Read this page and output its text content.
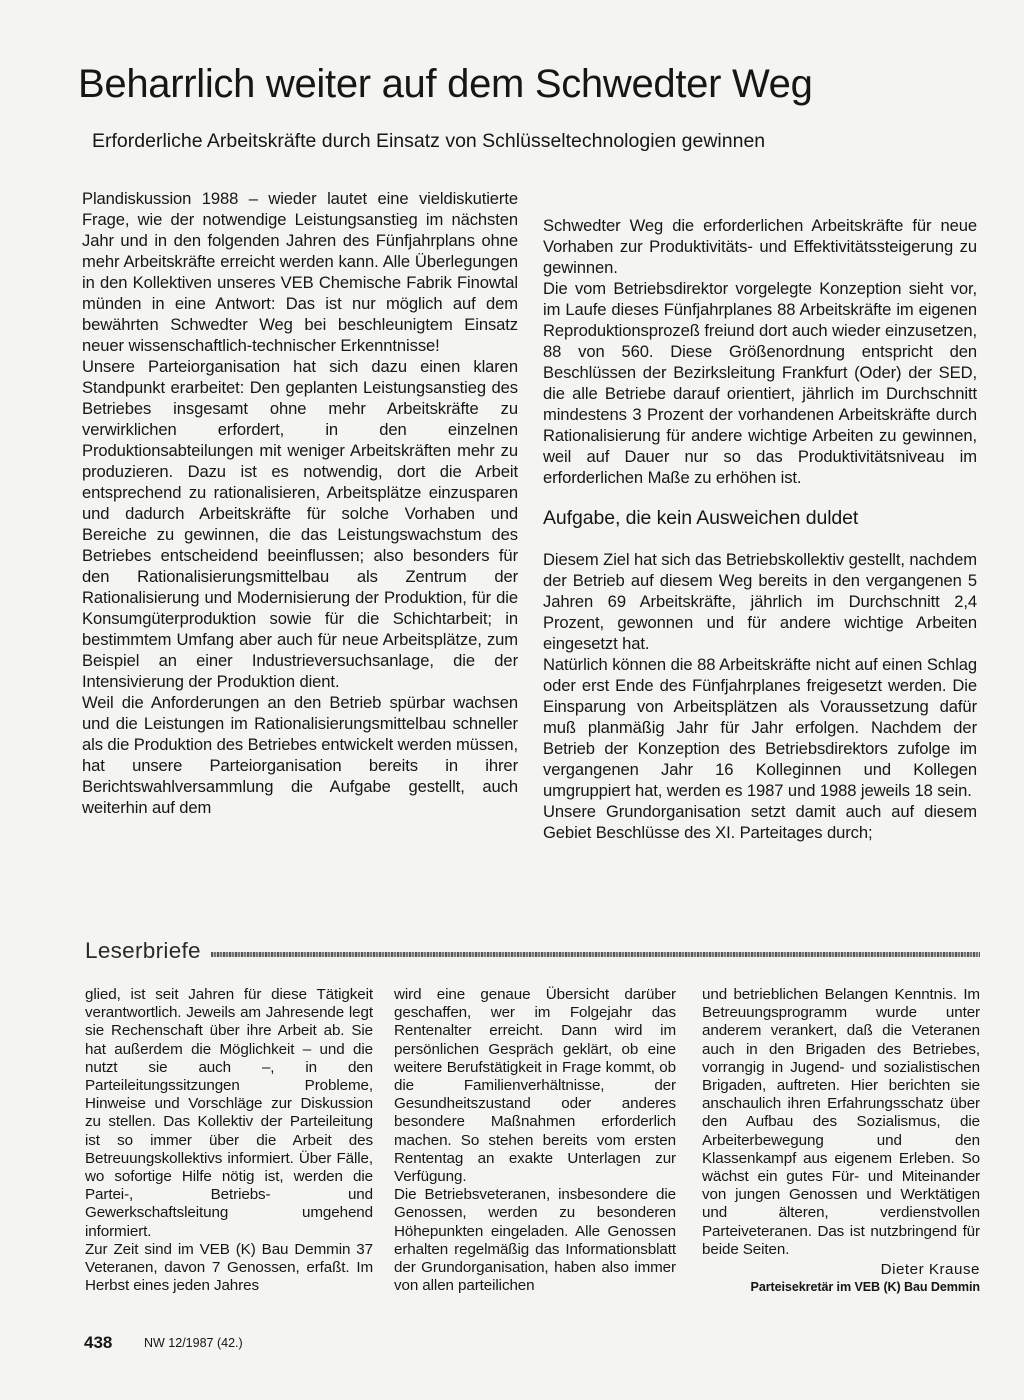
Beharrlich weiter auf dem Schwedter Weg
Erforderliche Arbeitskräfte durch Einsatz von Schlüsseltechnologien gewinnen

Plandiskussion 1988 – wieder lautet eine vieldiskutierte Frage, wie der notwendige Leistungsanstieg im nächsten Jahr und in den folgenden Jahren des Fünfjahrplans ohne mehr Arbeitskräfte erreicht werden kann. Alle Überlegungen in den Kollektiven unseres VEB Chemische Fabrik Finowtal münden in eine Antwort: Das ist nur möglich auf dem bewährten Schwedter Weg bei beschleunigtem Einsatz neuer wissenschaftlich-technischer Erkenntnisse!

Unsere Parteiorganisation hat sich dazu einen klaren Standpunkt erarbeitet: Den geplanten Leistungsanstieg des Betriebes insgesamt ohne mehr Arbeitskräfte zu verwirklichen erfordert, in den einzelnen Produktionsabteilungen mit weniger Arbeitskräften mehr zu produzieren. Dazu ist es notwendig, dort die Arbeit entsprechend zu rationalisieren, Arbeitsplätze einzusparen und dadurch Arbeitskräfte für solche Vorhaben und Bereiche zu gewinnen, die das Leistungswachstum des Betriebes entscheidend beeinflussen; also besonders für den Rationalisierungsmittelbau als Zentrum der Rationalisierung und Modernisierung der Produktion, für die Konsumgüterproduktion sowie für die Schichtarbeit; in bestimmtem Umfang aber auch für neue Arbeitsplätze, zum Beispiel an einer Industrieversuchsanlage, die der Intensivierung der Produktion dient.

Weil die Anforderungen an den Betrieb spürbar wachsen und die Leistungen im Rationalisierungsmittelbau schneller als die Produktion des Betriebes entwickelt werden müssen, hat unsere Parteiorganisation bereits in ihrer Berichtswahlversammlung die Aufgabe gestellt, auch weiterhin auf dem

Schwedter Weg die erforderlichen Arbeitskräfte für neue Vorhaben zur Produktivitäts- und Effektivitätssteigerung zu gewinnen.

Die vom Betriebsdirektor vorgelegte Konzeption sieht vor, im Laufe dieses Fünfjahrplanes 88 Arbeitskräfte im eigenen Reproduktionsprozeß freiund dort auch wieder einzusetzen, 88 von 560. Diese Größenordnung entspricht den Beschlüssen der Bezirksleitung Frankfurt (Oder) der SED, die alle Betriebe darauf orientiert, jährlich im Durchschnitt mindestens 3 Prozent der vorhandenen Arbeitskräfte durch Rationalisierung für andere wichtige Arbeiten zu gewinnen, weil auf Dauer nur so das Produktivitätsniveau im erforderlichen Maße zu erhöhen ist.

Aufgabe, die kein Ausweichen duldet

Diesem Ziel hat sich das Betriebskollektiv gestellt, nachdem der Betrieb auf diesem Weg bereits in den vergangenen 5 Jahren 69 Arbeitskräfte, jährlich im Durchschnitt 2,4 Prozent, gewonnen und für andere wichtige Arbeiten eingesetzt hat.

Natürlich können die 88 Arbeitskräfte nicht auf einen Schlag oder erst Ende des Fünfjahrplanes freigesetzt werden. Die Einsparung von Arbeitsplätzen als Voraussetzung dafür muß planmäßig Jahr für Jahr erfolgen. Nachdem der Betrieb der Konzeption des Betriebsdirektors zufolge im vergangenen Jahr 16 Kolleginnen und Kollegen umgruppiert hat, werden es 1987 und 1988 jeweils 18 sein.

Unsere Grundorganisation setzt damit auch auf diesem Gebiet Beschlüsse des XI. Parteitages durch;

Leserbriefe

glied, ist seit Jahren für diese Tätigkeit verantwortlich. Jeweils am Jahresende legt sie Rechenschaft über ihre Arbeit ab. Sie hat außerdem die Möglichkeit – und die nutzt sie auch –, in den Parteileitungssitzungen Probleme, Hinweise und Vorschläge zur Diskussion zu stellen. Das Kollektiv der Parteileitung ist so immer über die Arbeit des Betreuungskollektivs informiert. Über Fälle, wo sofortige Hilfe nötig ist, werden die Partei-, Betriebs- und Gewerkschaftsleitung umgehend informiert.

Zur Zeit sind im VEB (K) Bau Demmin 37 Veteranen, davon 7 Genossen, erfaßt. Im Herbst eines jeden Jahres

wird eine genaue Übersicht darüber geschaffen, wer im Folgejahr das Rentenalter erreicht. Dann wird im persönlichen Gespräch geklärt, ob eine weitere Berufstätigkeit in Frage kommt, ob die Familienverhältnisse, der Gesundheitszustand oder anderes besondere Maßnahmen erforderlich machen. So stehen bereits vom ersten Rententag an exakte Unterlagen zur Verfügung.

Die Betriebsveteranen, insbesondere die Genossen, werden zu besonderen Höhepunkten eingeladen. Alle Genossen erhalten regelmäßig das Informationsblatt der Grundorganisation, haben also immer von allen parteilichen

und betrieblichen Belangen Kenntnis. Im Betreuungsprogramm wurde unter anderem verankert, daß die Veteranen auch in den Brigaden des Betriebes, vorrangig in Jugend- und sozialistischen Brigaden, auftreten. Hier berichten sie anschaulich ihren Erfahrungsschatz über den Aufbau des Sozialismus, die Arbeiterbewegung und den Klassenkampf aus eigenem Erleben. So wächst ein gutes Für- und Miteinander von jungen Genossen und Werktätigen und älteren, verdienstvollen Parteiveteranen. Das ist nutzbringend für beide Seiten.

Dieter Krause
Parteisekretär im VEB (K) Bau Demmin
438	NW 12/1987 (42.)
